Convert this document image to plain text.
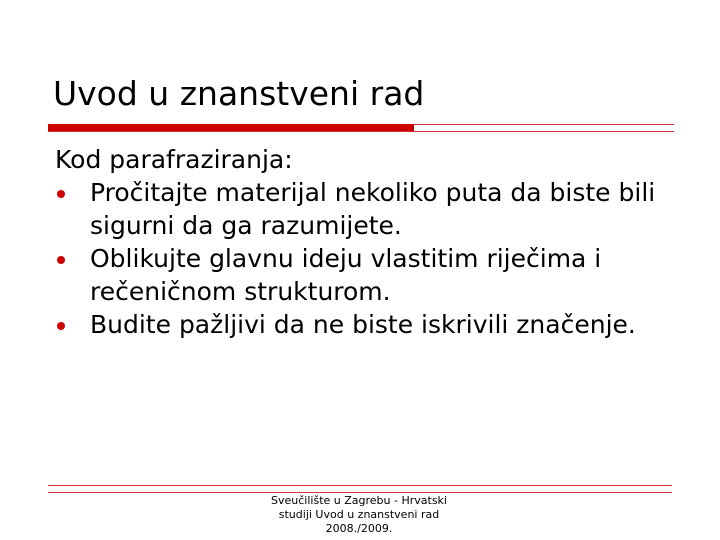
Uvod u znanstveni rad
Kod parafraziranja:
Pročitajte materijal nekoliko puta da biste bili sigurni da ga razumijete.
Oblikujte glavnu ideju vlastitim riječima i rečeničnom strukturom.
Budite pažljivi da ne biste iskrivili značenje.
Sveučilište u Zagrebu - Hrvatski
studiji Uvod u znanstveni rad
2008./2009.
